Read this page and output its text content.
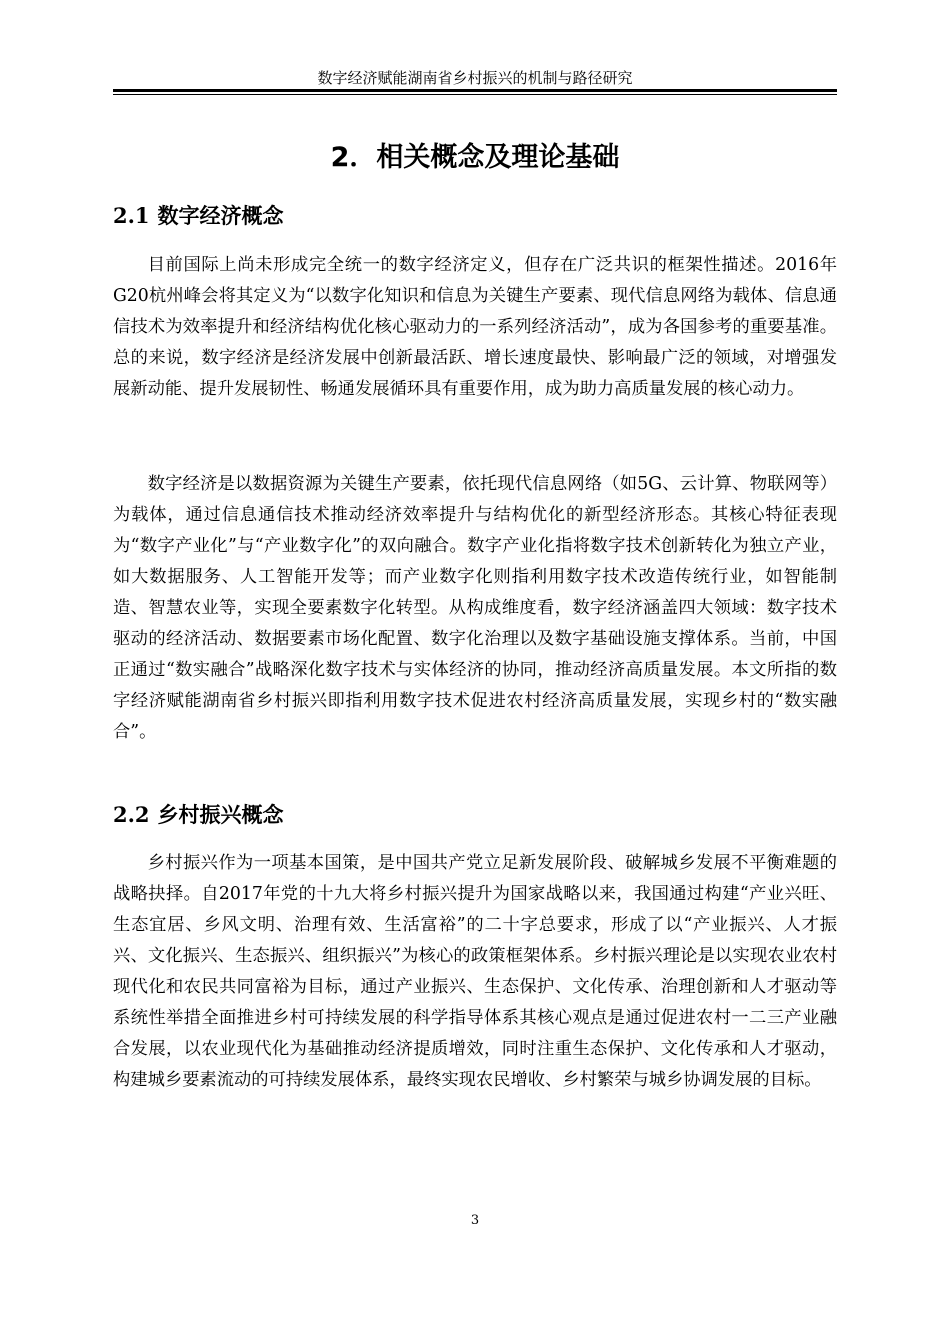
数字经济赋能湖南省乡村振兴的机制与路径研究
2．相关概念及理论基础
2.1 数字经济概念

目前国际上尚未形成完全统一的数字经济定义，但存在广泛共识的框架性描述。2016年G20杭州峰会将其定义为“以数字化知识和信息为关键生产要素、现代信息网络为载体、信息通信技术为效率提升和经济结构优化核心驱动力的一系列经济活动”，成为各国参考的重要基准。总的来说，数字经济是经济发展中创新最活跃、增长速度最快、影响最广泛的领域，对增强发展新动能、提升发展韧性、畅通发展循环具有重要作用，成为助力高质量发展的核心动力。

数字经济是以数据资源为关键生产要素，依托现代信息网络（如5G、云计算、物联网等）为载体，通过信息通信技术推动经济效率提升与结构优化的新型经济形态。其核心特征表现为“数字产业化”与“产业数字化”的双向融合。数字产业化指将数字技术创新转化为独立产业，如大数据服务、人工智能开发等；而产业数字化则指利用数字技术改造传统行业，如智能制造、智慧农业等，实现全要素数字化转型。从构成维度看，数字经济涵盖四大领域：数字技术驱动的经济活动、数据要素市场化配置、数字化治理以及数字基础设施支撑体系。当前，中国正通过“数实融合”战略深化数字技术与实体经济的协同，推动经济高质量发展。本文所指的数字经济赋能湖南省乡村振兴即指利用数字技术促进农村经济高质量发展，实现乡村的“数实融合”。

2.2 乡村振兴概念

乡村振兴作为一项基本国策，是中国共产党立足新发展阶段、破解城乡发展不平衡难题的战略抉择。自2017年党的十九大将乡村振兴提升为国家战略以来，我国通过构建“产业兴旺、生态宜居、乡风文明、治理有效、生活富裕”的二十字总要求，形成了以“产业振兴、人才振兴、文化振兴、生态振兴、组织振兴”为核心的政策框架体系。乡村振兴理论是以实现农业农村现代化和农民共同富裕为目标，通过产业振兴、生态保护、文化传承、治理创新和人才驱动等系统性举措全面推进乡村可持续发展的科学指导体系其核心观点是通过促进农村一二三产业融合发展，以农业现代化为基础推动经济提质增效，同时注重生态保护、文化传承和人才驱动，构建城乡要素流动的可持续发展体系，最终实现农民增收、乡村繁荣与城乡协调发展的目标。

3
